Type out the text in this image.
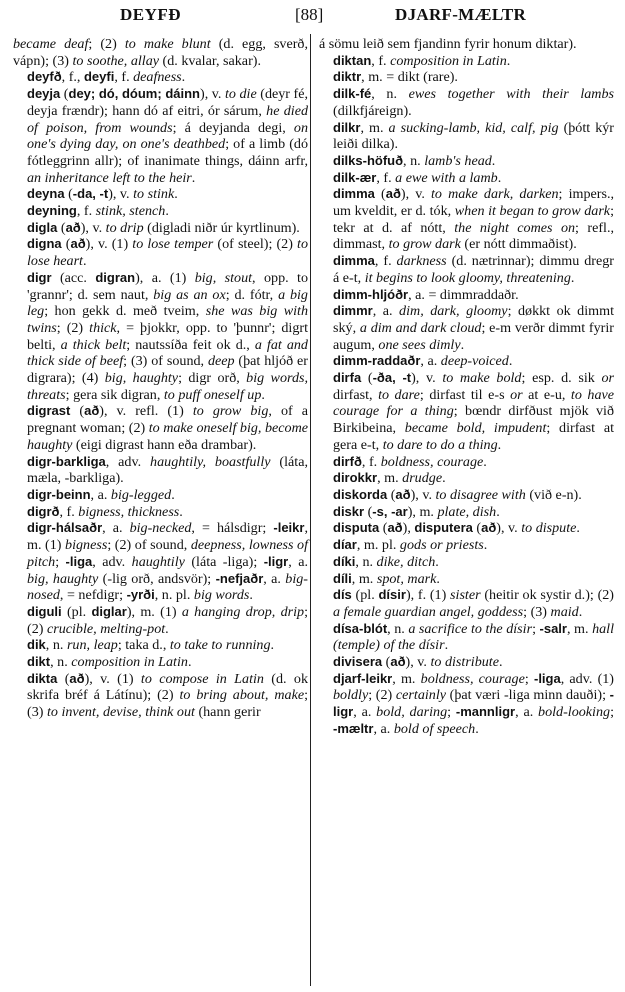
DEYFÐ	[88]	DJARF-MÆLTR
became deaf; (2) to make blunt (d. egg, sverð, vápn); (3) to soothe, allay (d. kvalar, sakar).
deyfð, f., deyfi, f. deafness.
deyja (dey; dó, dóum; dáinn), v. to die (deyr fé, deyja frændr); hann dó af eitri, ór sárum, he died of poison, from wounds; á deyjanda degi, on one's dying day, on one's deathbed; of a limb (dó fótleggrinn allr); of inanimate things, dáinn arfr, an inheritance left to the heir.
deyna (-da, -t), v. to stink.
deyning, f. stink, stench.
digla (að), v. to drip (digladi niðr úr kyrtlinum).
digna (að), v. (1) to lose temper (of steel); (2) to lose heart.
digr (acc. digran), a. (1) big, stout, opp. to 'grannr'; d. sem naut, big as an ox; d. fótr, a big leg; hon gekk d. með tveim, she was big with twins; (2) thick, = þjokkr, opp. to 'þunnr'; digrt belti, a thick belt; nautssíða feit ok d., a fat and thick side of beef; (3) of sound, deep (þat hljóð er digrara); (4) big, haughty; digr orð, big words, threats; gera sik digran, to puff oneself up.
digrast (að), v. refl. (1) to grow big, of a pregnant woman; (2) to make oneself big, become haughty (eigi digrast hann eða drambar).
digr-barkliga, adv. haughtily, boastfully (láta, mæla, -barkliga).
digr-beinn, a. big-legged.
digrð, f. bigness, thickness.
digr-hálsaðr, a. big-necked, = hálsdigr; -leikr, m. (1) bigness; (2) of sound, deepness, lowness of pitch; -liga, adv. haughtily (láta -liga); -ligr, a. big, haughty (-lig orð, andsvör); -nefjaðr, a. big-nosed, = nefdigr; -yrði, n. pl. big words.
diguli (pl. diglar), m. (1) a hanging drop, drip; (2) crucible, melting-pot.
dik, n. run, leap; taka d., to take to running.
dikt, n. composition in Latin.
dikta (að), v. (1) to compose in Latin (d. ok skrifa bréf á Látínu); (2) to bring about, make; (3) to invent, devise, think out (hann gerir
á sömu leið sem fjandinn fyrir honum diktar).
diktan, f. composition in Latin.
diktr, m. = dikt (rare).
dilk-fé, n. ewes together with their lambs (dilkfjáreign).
dilkr, m. a sucking-lamb, kid, calf, pig (þótt kýr leiði dilka).
dilks-höfuð, n. lamb's head.
dilk-ær, f. a ewe with a lamb.
dimma (að), v. to make dark, darken; impers., um kveldit, er d. tók, when it began to grow dark; tekr at d. af nótt, the night comes on; refl., dimmast, to grow dark (er nótt dimmaðist).
dimma, f. darkness (d. nætrinnar); dimmu dregr á e-t, it begins to look gloomy, threatening.
dimm-hljóðr, a. = dimmraddaðr.
dimmr, a. dim, dark, gloomy; døkkt ok dimmt ský, a dim and dark cloud; e-m verðr dimmt fyrir augum, one sees dimly.
dimm-raddaðr, a. deep-voiced.
dirfa (-ða, -t), v. to make bold; esp. d. sik or dirfast, to dare; dirfast til e-s or at e-u, to have courage for a thing; bœndr dirfðust mjök við Birkibeina, became bold, impudent; dirfast at gera e-t, to dare to do a thing.
dirfð, f. boldness, courage.
dirokkr, m. drudge.
diskorda (að), v. to disagree with (við e-n).
diskr (-s, -ar), m. plate, dish.
disputa (að), disputera (að), v. to dispute.
díar, m. pl. gods or priests.
díki, n. dike, ditch.
díli, m. spot, mark.
dís (pl. dísir), f. (1) sister (heitir ok systir d.); (2) a female guardian angel, goddess; (3) maid.
dísa-blót, n. a sacrifice to the dísir; -salr, m. hall (temple) of the dísir.
divisera (að), v. to distribute.
djarf-leikr, m. boldness, courage; -liga, adv. (1) boldly; (2) certainly (þat væri -liga minn dauði); -ligr, a. bold, daring; -mannligr, a. bold-looking; -mæltr, a. bold of speech.
